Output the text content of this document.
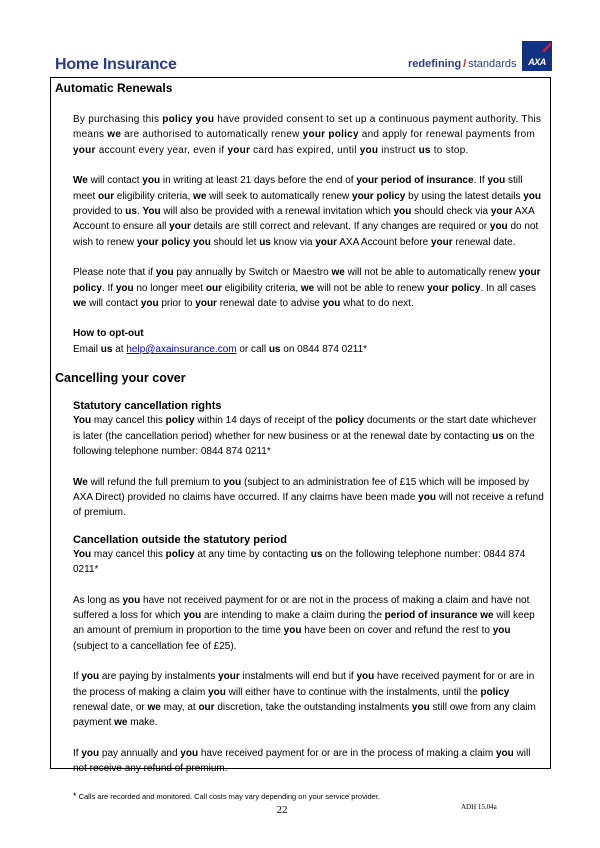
Home Insurance	redefining / standards	AXA
Automatic Renewals

By purchasing this policy you have provided consent to set up a continuous payment authority. This means we are authorised to automatically renew your policy and apply for renewal payments from your account every year, even if your card has expired, until you instruct us to stop.

We will contact you in writing at least 21 days before the end of your period of insurance. If you still meet our eligibility criteria, we will seek to automatically renew your policy by using the latest details you provided to us. You will also be provided with a renewal invitation which you should check via your AXA Account to ensure all your details are still correct and relevant. If any changes are required or you do not wish to renew your policy you should let us know via your AXA Account before your renewal date.

Please note that if you pay annually by Switch or Maestro we will not be able to automatically renew your policy. If you no longer meet our eligibility criteria, we will not be able to renew your policy. In all cases we will contact you prior to your renewal date to advise you what to do next.

How to opt-out

Email us at help@axainsurance.com or call us on 0844 874 0211*

Cancelling your cover

Statutory cancellation rights

You may cancel this policy within 14 days of receipt of the policy documents or the start date whichever is later (the cancellation period) whether for new business or at the renewal date by contacting us on the following telephone number: 0844 874 0211*

We will refund the full premium to you (subject to an administration fee of £15 which will be imposed by AXA Direct) provided no claims have occurred. If any claims have been made you will not receive a refund of premium.

Cancellation outside the statutory period

You may cancel this policy at any time by contacting us on the following telephone number: 0844 874 0211*

As long as you have not received payment for or are not in the process of making a claim and have not suffered a loss for which you are intending to make a claim during the period of insurance we will keep an amount of premium in proportion to the time you have been on cover and refund the rest to you (subject to a cancellation fee of £25).

If you are paying by instalments your instalments will end but if you have received payment for or are in the process of making a claim you will either have to continue with the instalments, until the policy renewal date, or we may, at our discretion, take the outstanding instalments you still owe from any claim payment we make.

If you pay annually and you have received payment for or are in the process of making a claim you will not receive any refund of premium.

* Calls are recorded and monitored. Call costs may vary depending on your service provider.

22	ADH 15.04a
